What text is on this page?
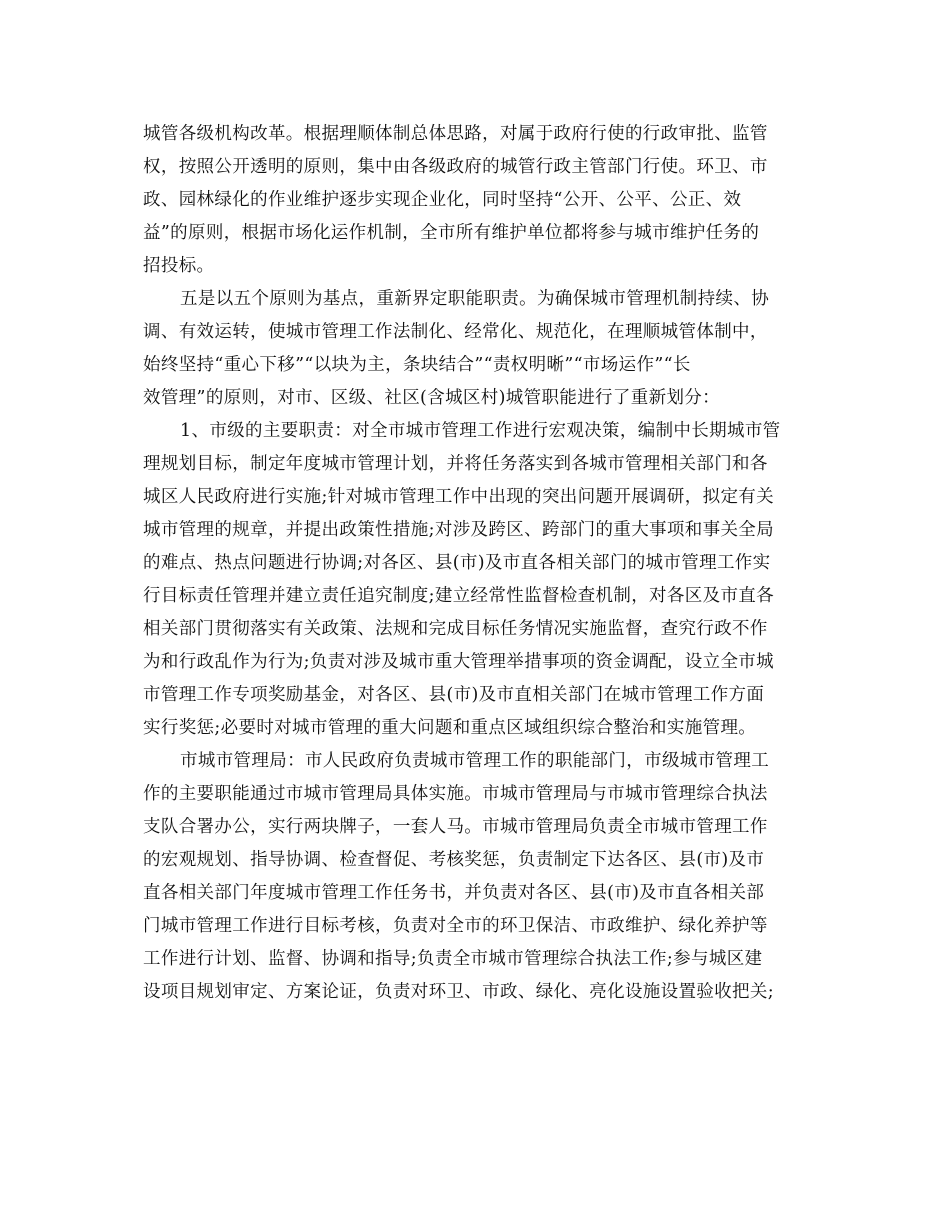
城管各级机构改革。根据理顺体制总体思路，对属于政府行使的行政审批、监管
权，按照公开透明的原则，集中由各级政府的城管行政主管部门行使。环卫、市
政、园林绿化的作业维护逐步实现企业化，同时坚持“公开、公平、公正、效
益”的原则，根据市场化运作机制，全市所有维护单位都将参与城市维护任务的
招投标。
五是以五个原则为基点，重新界定职能职责。为确保城市管理机制持续、协
调、有效运转，使城市管理工作法制化、经常化、规范化，在理顺城管体制中，
始终坚持“重心下移”“以块为主，条块结合”“责权明晰”“市场运作”“长
效管理”的原则，对市、区级、社区(含城区村)城管职能进行了重新划分：
1、市级的主要职责：对全市城市管理工作进行宏观决策，编制中长期城市管
理规划目标，制定年度城市管理计划，并将任务落实到各城市管理相关部门和各
城区人民政府进行实施;针对城市管理工作中出现的突出问题开展调研，拟定有关
城市管理的规章，并提出政策性措施;对涉及跨区、跨部门的重大事项和事关全局
的难点、热点问题进行协调;对各区、县(市)及市直各相关部门的城市管理工作实
行目标责任管理并建立责任追究制度;建立经常性监督检查机制，对各区及市直各
相关部门贯彻落实有关政策、法规和完成目标任务情况实施监督，查究行政不作
为和行政乱作为行为;负责对涉及城市重大管理举措事项的资金调配，设立全市城
市管理工作专项奖励基金，对各区、县(市)及市直相关部门在城市管理工作方面
实行奖惩;必要时对城市管理的重大问题和重点区域组织综合整治和实施管理。
市城市管理局：市人民政府负责城市管理工作的职能部门，市级城市管理工
作的主要职能通过市城市管理局具体实施。市城市管理局与市城市管理综合执法
支队合署办公，实行两块牌子，一套人马。市城市管理局负责全市城市管理工作
的宏观规划、指导协调、检查督促、考核奖惩，负责制定下达各区、县(市)及市
直各相关部门年度城市管理工作任务书，并负责对各区、县(市)及市直各相关部
门城市管理工作进行目标考核，负责对全市的环卫保洁、市政维护、绿化养护等
工作进行计划、监督、协调和指导;负责全市城市管理综合执法工作;参与城区建
设项目规划审定、方案论证，负责对环卫、市政、绿化、亮化设施设置验收把关;
